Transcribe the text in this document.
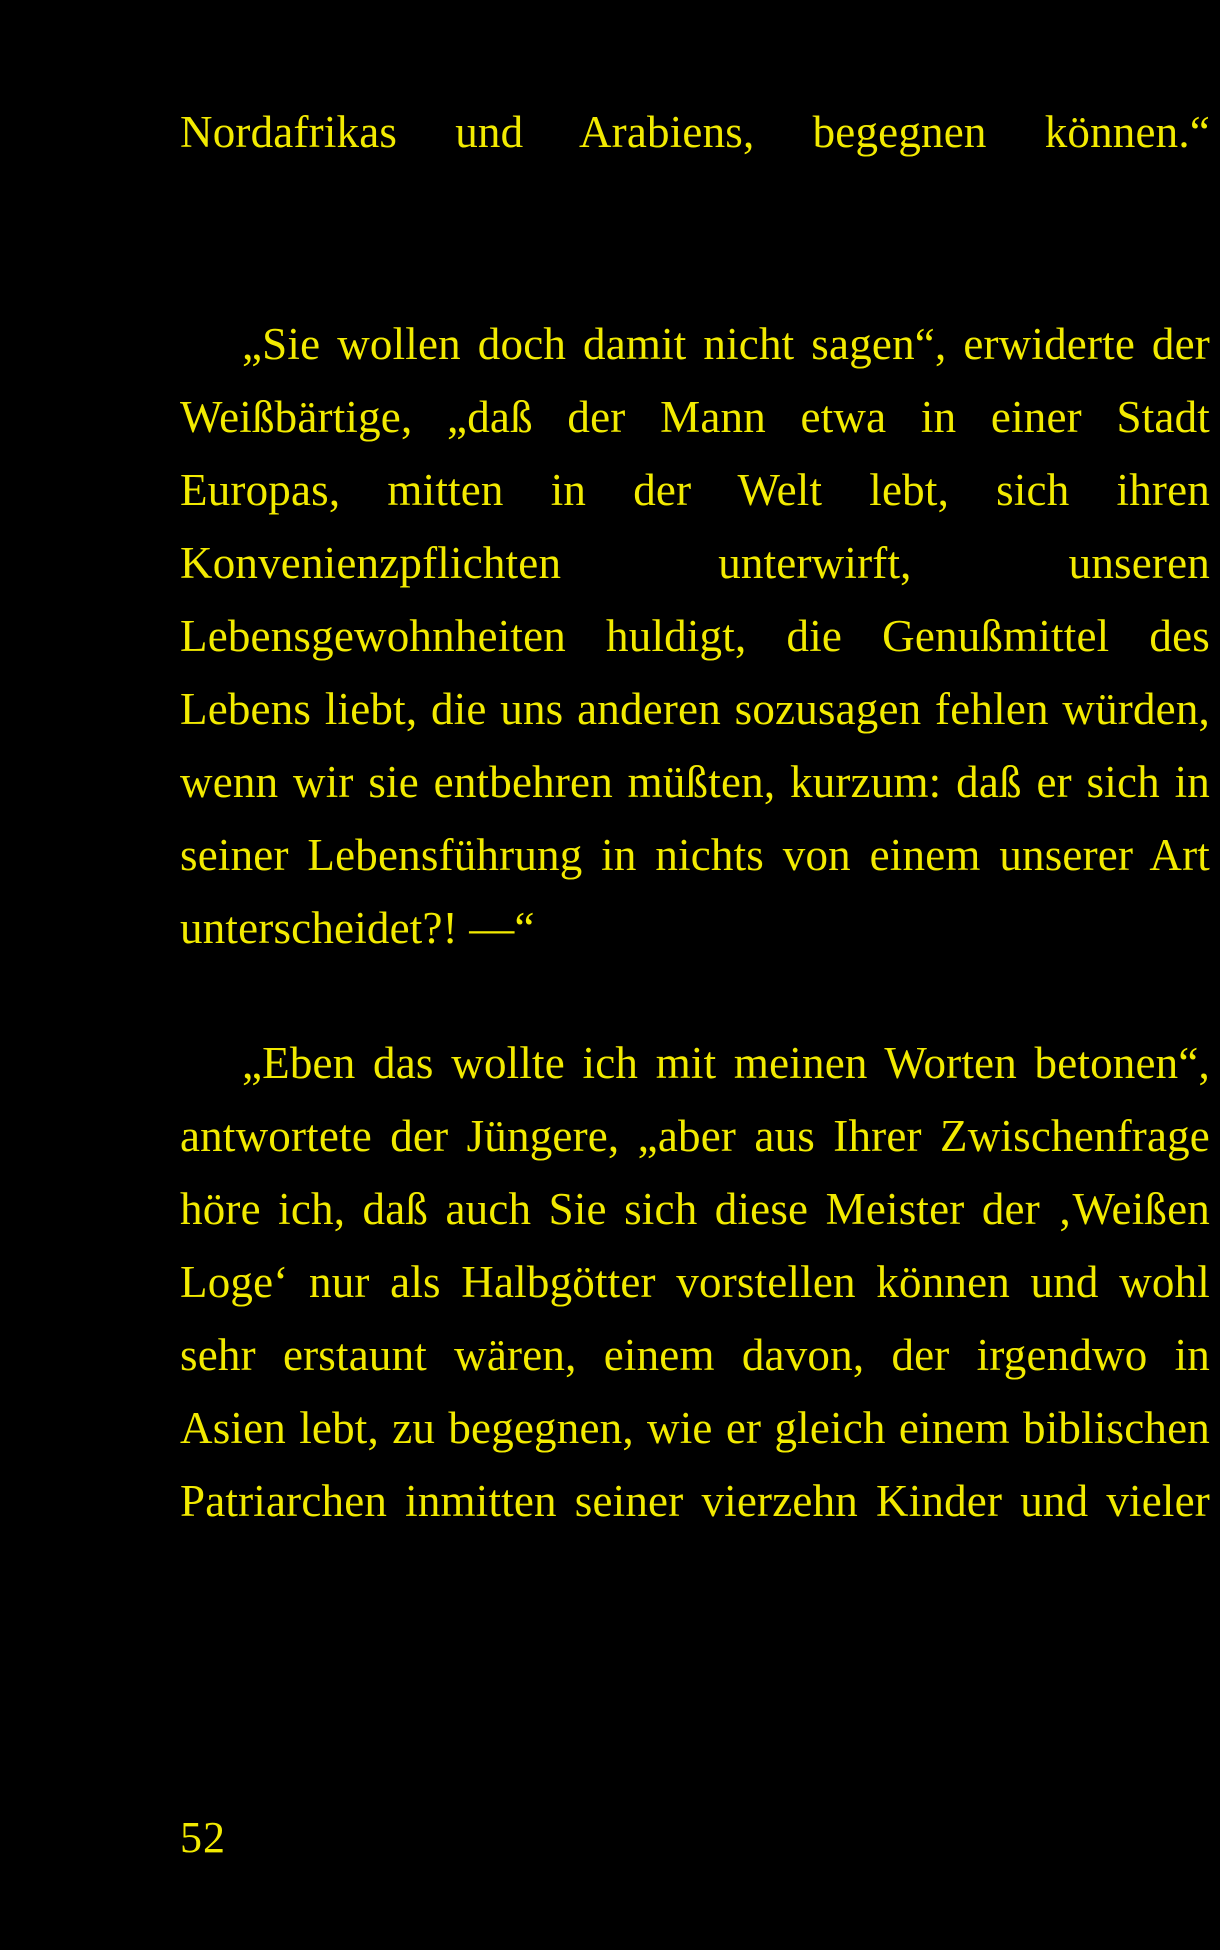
Nordafrikas und Arabiens, begegnen können.“

„Sie wollen doch damit nicht sagen“, erwiderte der Weißbärtige, „daß der Mann etwa in einer Stadt Europas, mitten in der Welt lebt, sich ihren Konvenienzpflichten unterwirft, unseren Lebensgewohnheiten huldigt, die Genußmittel des Lebens liebt, die uns anderen sozusagen fehlen würden, wenn wir sie entbehren müßten, kurzum: daß er sich in seiner Lebensführung in nichts von einem unserer Art unterscheidet?! —“

„Eben das wollte ich mit meinen Worten betonen“, antwortete der Jüngere, „aber aus Ihrer Zwischenfrage höre ich, daß auch Sie sich diese Meister der ‚Weißen Loge‘ nur als Halbgötter vorstellen können und wohl sehr erstaunt wären, einem davon, der irgendwo in Asien lebt, zu begegnen, wie er gleich einem biblischen Patriarchen inmitten seiner vierzehn Kinder und vieler

52
